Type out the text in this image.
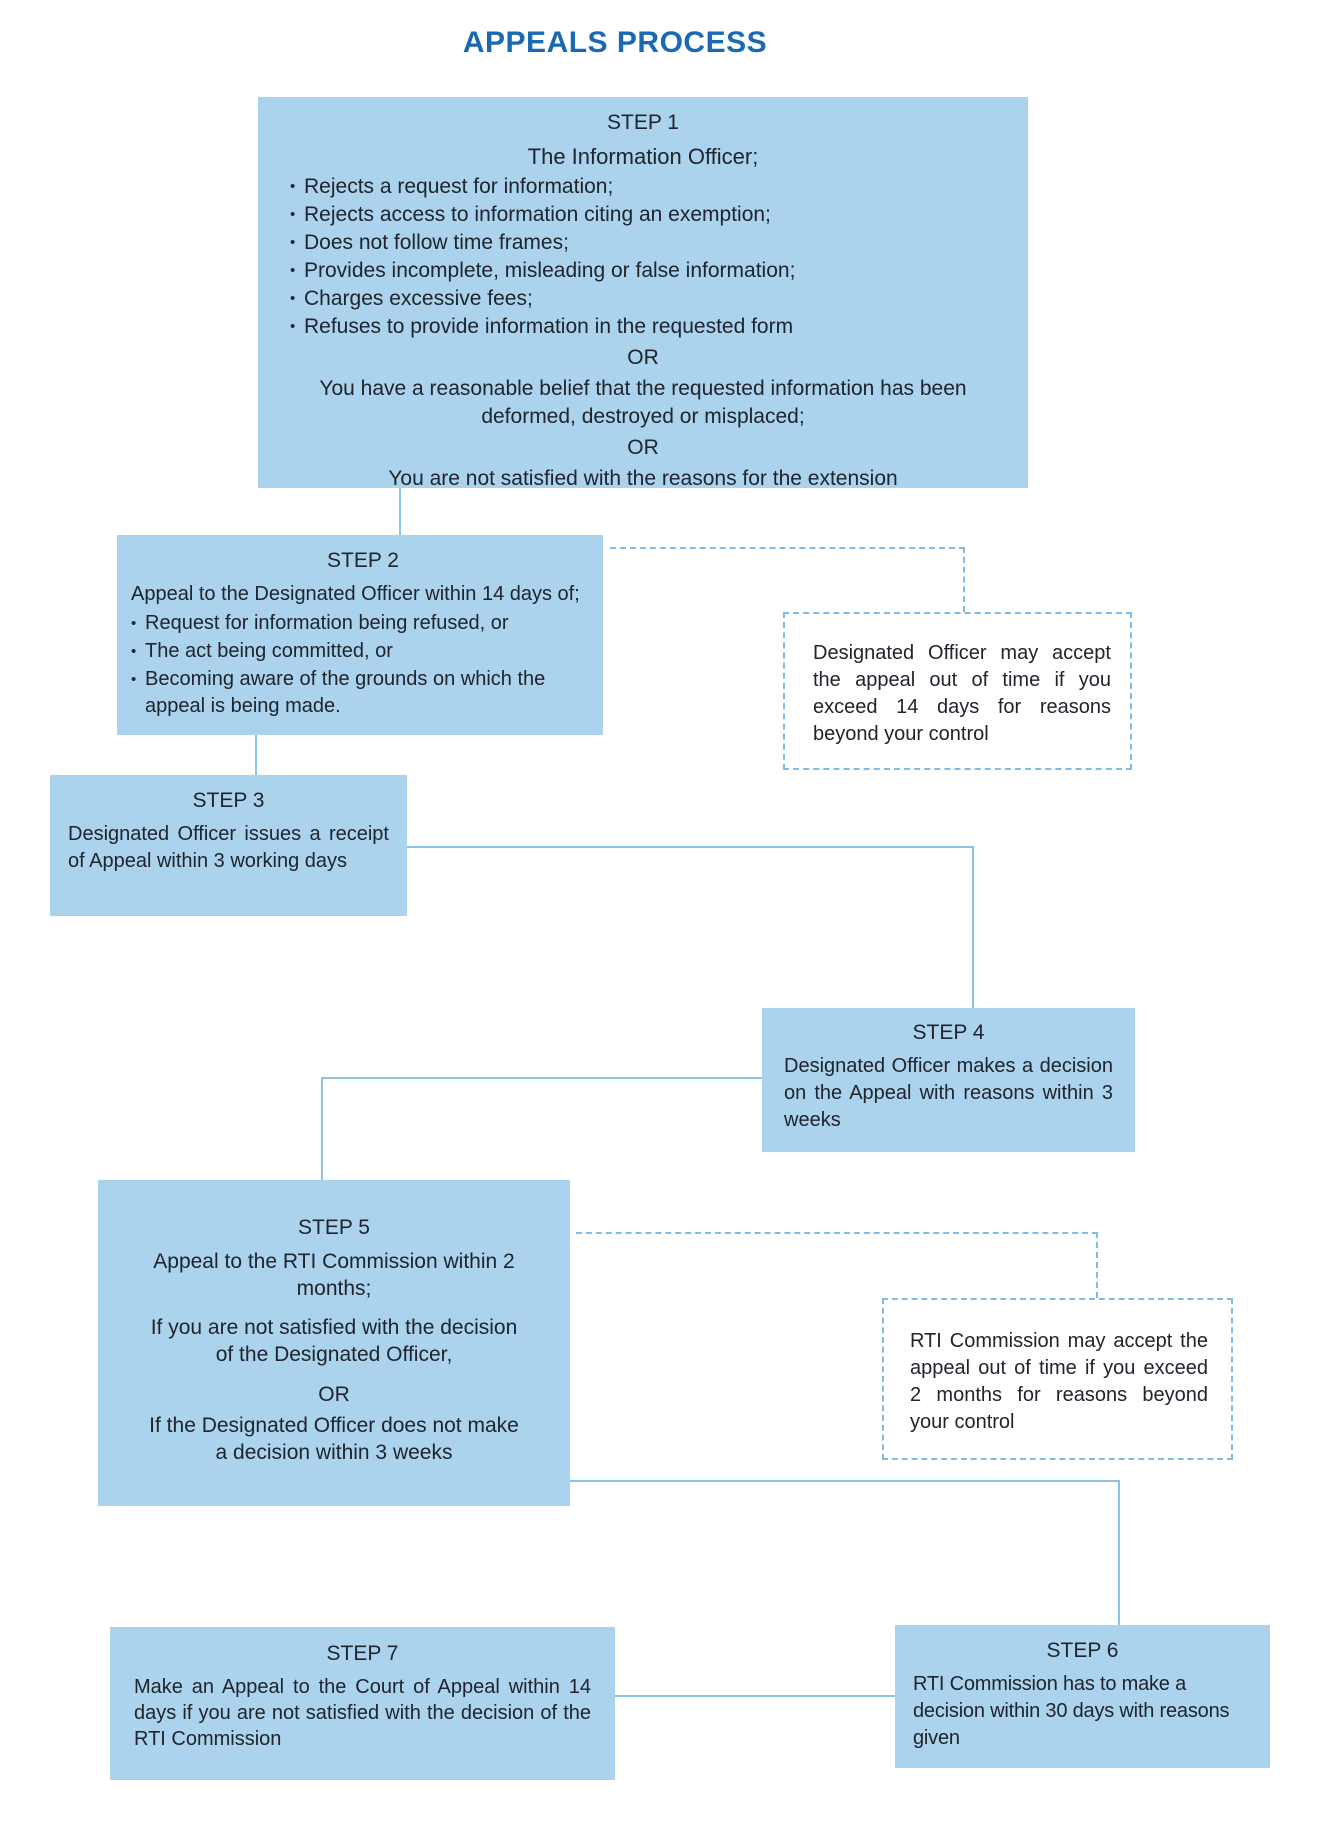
APPEALS PROCESS
STEP 1
The Information Officer;
• Rejects a request for information;
• Rejects access to information citing an exemption;
• Does not follow time frames;
• Provides incomplete, misleading or false information;
• Charges excessive fees;
• Refuses to provide information in the requested form
OR
You have a reasonable belief that the requested information has been deformed, destroyed or misplaced;
OR
You are not satisfied with the reasons for the extension
STEP 2
Appeal to the Designated Officer within 14 days of;
• Request for information being refused, or
• The act being committed, or
• Becoming aware of the grounds on which the appeal is being made.
Designated Officer may accept the appeal out of time if you exceed 14 days for reasons beyond your control
STEP 3
Designated Officer issues a receipt of Appeal within 3 working days
STEP 4
Designated Officer makes a decision on the Appeal with reasons within 3 weeks
STEP 5
Appeal to the RTI Commission within 2 months;
If you are not satisfied with the decision of the Designated Officer,
OR
If the Designated Officer does not make a decision within 3 weeks
RTI Commission may accept the appeal out of time if you exceed 2 months for reasons beyond your control
STEP 6
RTI Commission has to make a decision within 30 days with reasons given
STEP 7
Make an Appeal to the Court of Appeal within 14 days if you are not satisfied with the decision of the RTI Commission
